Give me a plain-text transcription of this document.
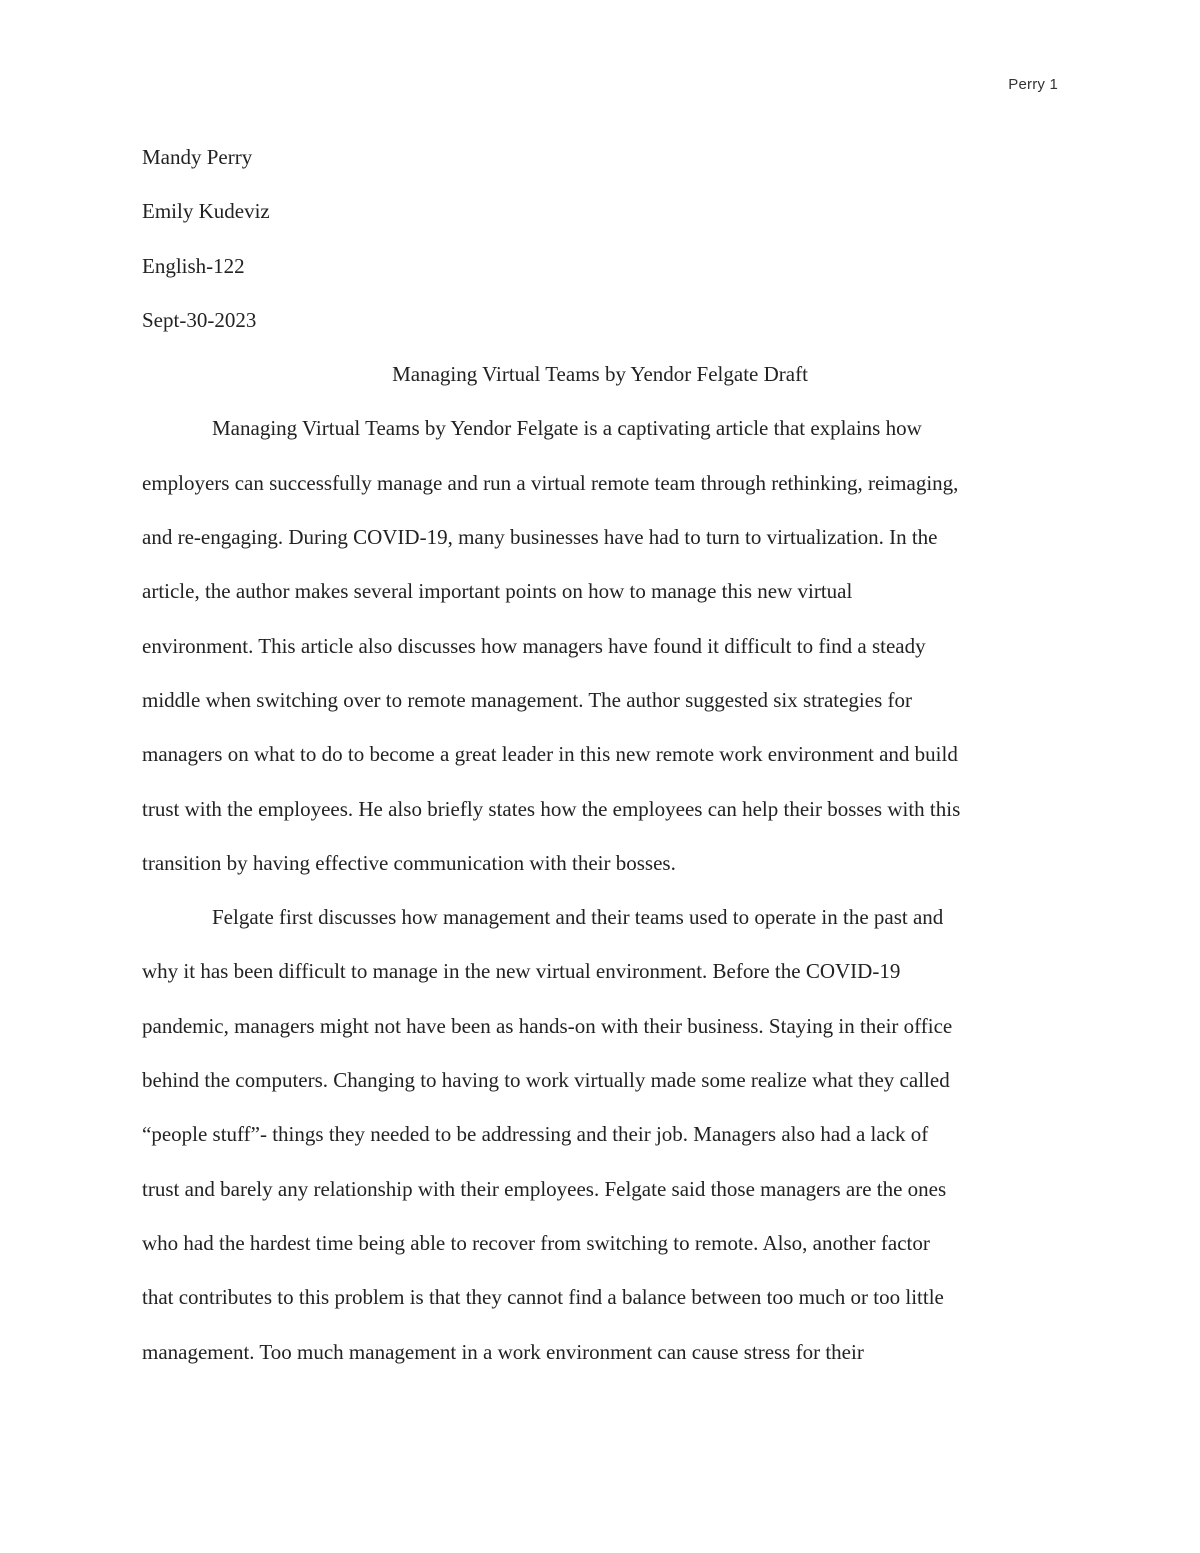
Perry 1

Mandy Perry

Emily Kudeviz

English-122

Sept-30-2023

Managing Virtual Teams by Yendor Felgate Draft

Managing Virtual Teams by Yendor Felgate is a captivating article that explains how

employers can successfully manage and run a virtual remote team through rethinking, reimaging,

and re-engaging. During COVID-19, many businesses have had to turn to virtualization. In the

article, the author makes several important points on how to manage this new virtual

environment. This article also discusses how managers have found it difficult to find a steady

middle when switching over to remote management. The author suggested six strategies for

managers on what to do to become a great leader in this new remote work environment and build

trust with the employees. He also briefly states how the employees can help their bosses with this

transition by having effective communication with their bosses.

Felgate first discusses how management and their teams used to operate in the past and

why it has been difficult to manage in the new virtual environment. Before the COVID-19

pandemic, managers might not have been as hands-on with their business. Staying in their office

behind the computers. Changing to having to work virtually made some realize what they called

“people stuff”- things they needed to be addressing and their job. Managers also had a lack of

trust and barely any relationship with their employees. Felgate said those managers are the ones

who had the hardest time being able to recover from switching to remote. Also, another factor

that contributes to this problem is that they cannot find a balance between too much or too little

management. Too much management in a work environment can cause stress for their
